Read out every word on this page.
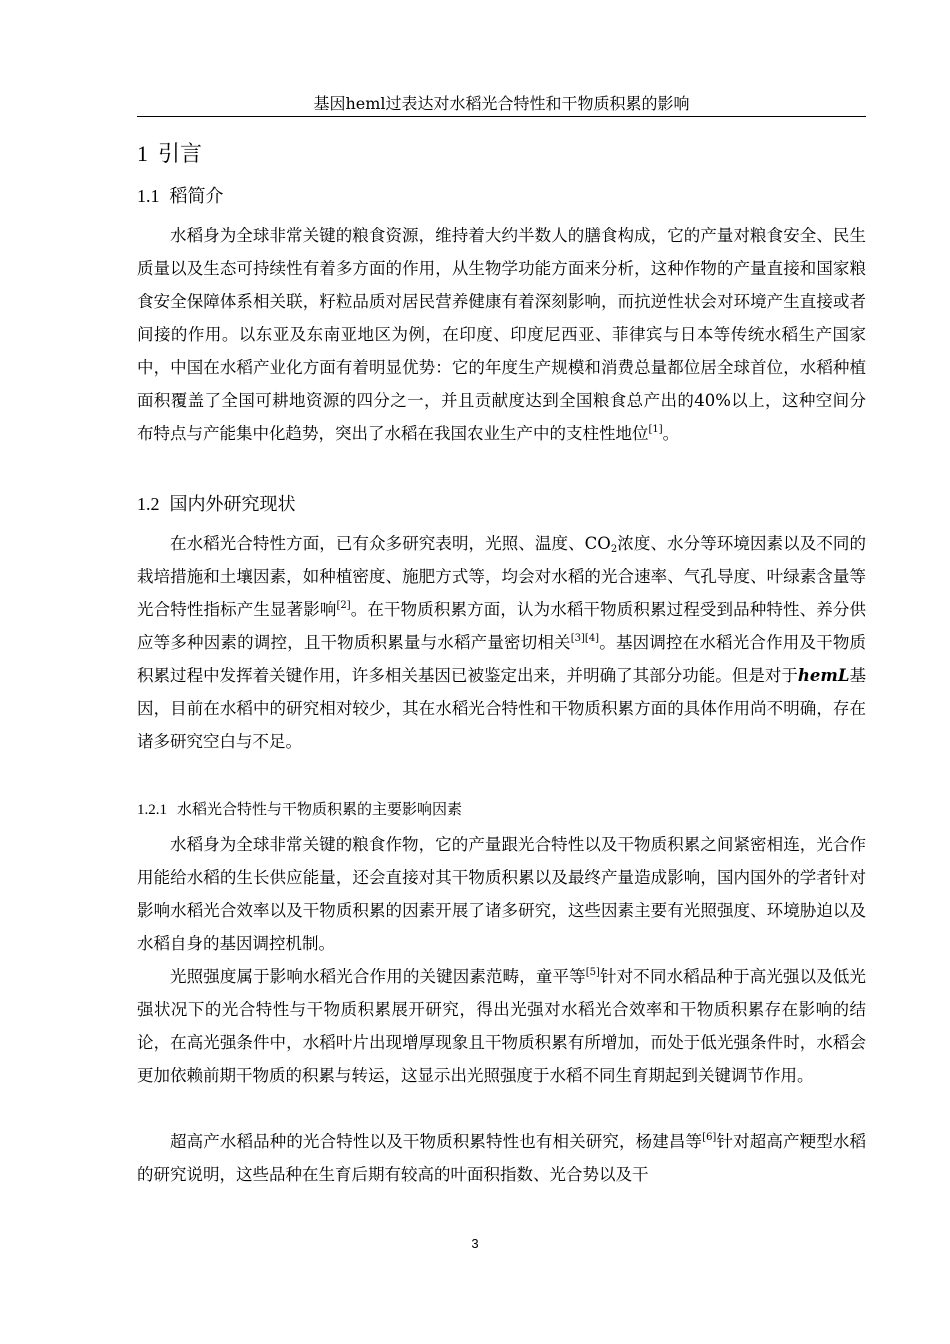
基因heml过表达对水稻光合特性和干物质积累的影响
1 引言
1.1 稻简介

水稻身为全球非常关键的粮食资源，维持着大约半数人的膳食构成，它的产量对粮食安全、民生质量以及生态可持续性有着多方面的作用，从生物学功能方面来分析，这种作物的产量直接和国家粮食安全保障体系相关联，籽粒品质对居民营养健康有着深刻影响，而抗逆性状会对环境产生直接或者间接的作用。以东亚及东南亚地区为例，在印度、印度尼西亚、菲律宾与日本等传统水稻生产国家中，中国在水稻产业化方面有着明显优势：它的年度生产规模和消费总量都位居全球首位，水稻种植面积覆盖了全国可耕地资源的四分之一，并且贡献度达到全国粮食总产出的40%以上，这种空间分布特点与产能集中化趋势，突出了水稻在我国农业生产中的支柱性地位[1]。

1.2 国内外研究现状

在水稻光合特性方面，已有众多研究表明，光照、温度、$CO_2$浓度、水分等环境因素以及不同的栽培措施和土壤因素，如种植密度、施肥方式等，均会对水稻的光合速率、气孔导度、叶绿素含量等光合特性指标产生显著影响[2]。在干物质积累方面，认为水稻干物质积累过程受到品种特性、养分供应等多种因素的调控，且干物质积累量与水稻产量密切相关[3][4]。基因调控在水稻光合作用及干物质积累过程中发挥着关键作用，许多相关基因已被鉴定出来，并明确了其部分功能。但是对于hemL基因，目前在水稻中的研究相对较少，其在水稻光合特性和干物质积累方面的具体作用尚不明确，存在诸多研究空白与不足。

1.2.1 水稻光合特性与干物质积累的主要影响因素

水稻身为全球非常关键的粮食作物，它的产量跟光合特性以及干物质积累之间紧密相连，光合作用能给水稻的生长供应能量，还会直接对其干物质积累以及最终产量造成影响，国内国外的学者针对影响水稻光合效率以及干物质积累的因素开展了诸多研究，这些因素主要有光照强度、环境胁迫以及水稻自身的基因调控机制。

光照强度属于影响水稻光合作用的关键因素范畴，童平等[5]针对不同水稻品种于高光强以及低光强状况下的光合特性与干物质积累展开研究，得出光强对水稻光合效率和干物质积累存在影响的结论，在高光强条件中，水稻叶片出现增厚现象且干物质积累有所增加，而处于低光强条件时，水稻会更加依赖前期干物质的积累与转运，这显示出光照强度于水稻不同生育期起到关键调节作用。

超高产水稻品种的光合特性以及干物质积累特性也有相关研究，杨建昌等[6]针对超高产粳型水稻的研究说明，这些品种在生育后期有较高的叶面积指数、光合势以及干

3
